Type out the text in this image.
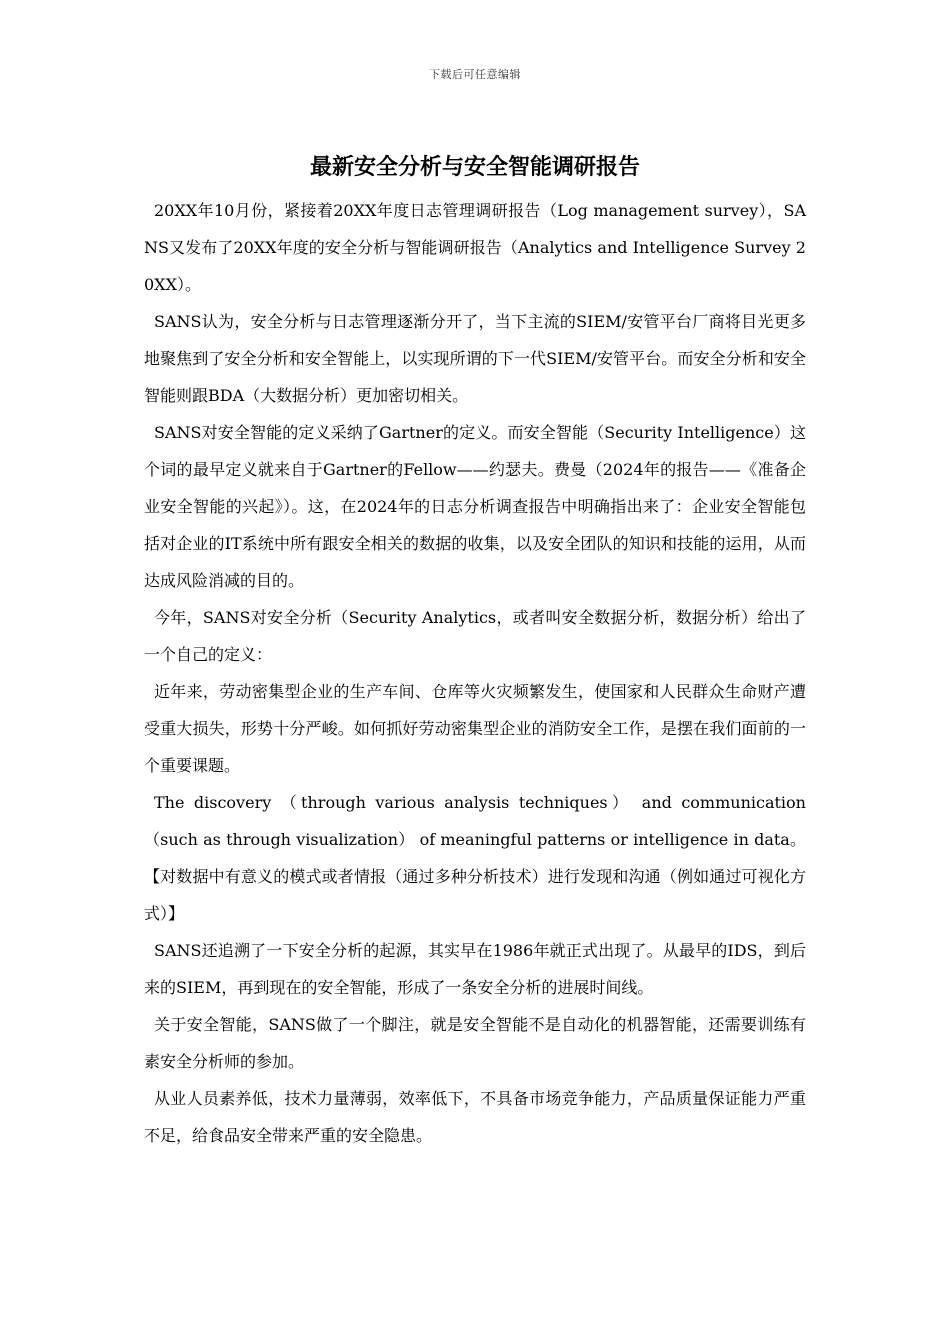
下载后可任意编辑
最新安全分析与安全智能调研报告

20XX年10月份，紧接着20XX年度日志管理调研报告（Log management survey），SANS又发布了20XX年度的安全分析与智能调研报告（Analytics and Intelligence Survey 20XX）。

SANS认为，安全分析与日志管理逐渐分开了，当下主流的SIEM/安管平台厂商将目光更多地聚焦到了安全分析和安全智能上，以实现所谓的下一代SIEM/安管平台。而安全分析和安全智能则跟BDA（大数据分析）更加密切相关。

SANS对安全智能的定义采纳了Gartner的定义。而安全智能（Security Intelligence）这个词的最早定义就来自于Gartner的Fellow——约瑟夫。费曼（2024年的报告——《准备企业安全智能的兴起》）。这，在2024年的日志分析调查报告中明确指出来了：企业安全智能包括对企业的IT系统中所有跟安全相关的数据的收集，以及安全团队的知识和技能的运用，从而达成风险消减的目的。

今年，SANS对安全分析（Security Analytics，或者叫安全数据分析，数据分析）给出了一个自己的定义：

近年来，劳动密集型企业的生产车间、仓库等火灾频繁发生，使国家和人民群众生命财产遭受重大损失，形势十分严峻。如何抓好劳动密集型企业的消防安全工作，是摆在我们面前的一个重要课题。

The discovery （through various analysis techniques） and communication （such as through visualization） of meaningful patterns or intelligence in data。【对数据中有意义的模式或者情报（通过多种分析技术）进行发现和沟通（例如通过可视化方式）】

SANS还追溯了一下安全分析的起源，其实早在1986年就正式出现了。从最早的IDS，到后来的SIEM，再到现在的安全智能，形成了一条安全分析的进展时间线。

关于安全智能，SANS做了一个脚注，就是安全智能不是自动化的机器智能，还需要训练有素安全分析师的参加。

从业人员素养低，技术力量薄弱，效率低下，不具备市场竞争能力，产品质量保证能力严重不足，给食品安全带来严重的安全隐患。
